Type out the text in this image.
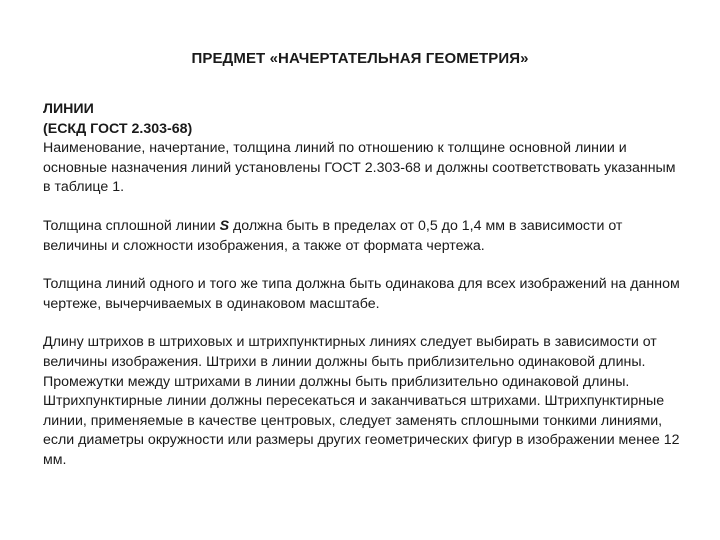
ПРЕДМЕТ «НАЧЕРТАТЕЛЬНАЯ ГЕОМЕТРИЯ»

ЛИНИИ

(ЕСКД ГОСТ 2.303-68)

Наименование, начертание, толщина линий по отношению к толщине основной линии и основные назначения линий установлены ГОСТ 2.303-68 и должны соответствовать указанным в таблице 1.

Толщина сплошной линии S должна быть в пределах от 0,5 до 1,4 мм в зависимости от величины и сложности изображения, а также от формата чертежа.

Толщина линий одного и того же типа должна быть одинакова для всех изображений на данном чертеже, вычерчиваемых в одинаковом масштабе.

Длину штрихов в штриховых и штрихпунктирных линиях следует выбирать в зависимости от величины изображения. Штрихи в линии должны быть приблизительно одинаковой длины. Промежутки между штрихами в линии должны быть приблизительно одинаковой длины. Штрихпунктирные линии должны пересекаться и заканчиваться штрихами. Штрихпунктирные линии, применяемые в качестве центровых, следует заменять сплошными тонкими линиями, если диаметры окружности или размеры других геометрических фигур в изображении менее 12 мм.
